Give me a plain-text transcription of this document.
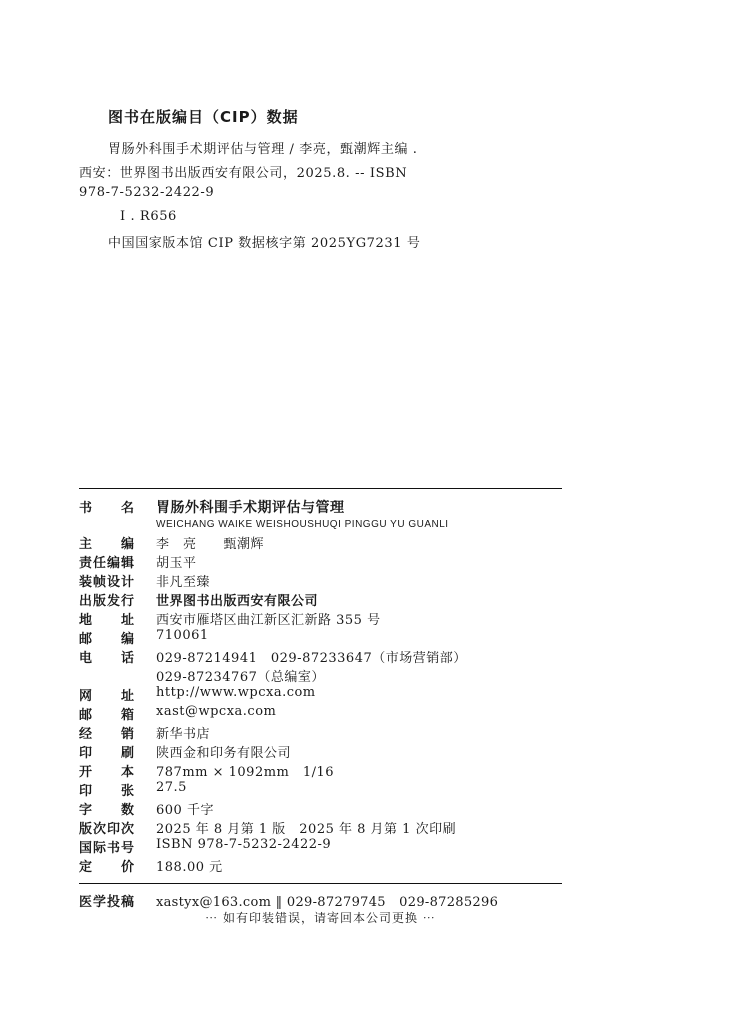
图书在版编目（CIP）数据
胃肠外科围手术期评估与管理 / 李亮，甄潮辉主编 .
西安：世界图书出版西安有限公司，2025.8. -- ISBN
978-7-5232-2422-9
Ⅰ . R656
中国国家版本馆 CIP 数据核字第 2025YG7231 号
书　　名	胃肠外科围手术期评估与管理
WEICHANG WAIKE WEISHOUSHUQI PINGGU YU GUANLI
主　　编	李　亮　　甄潮辉
责任编辑	胡玉平
装帧设计	非凡至臻
出版发行	世界图书出版西安有限公司
地　　址	西安市雁塔区曲江新区汇新路 355 号
邮　　编	710061
电　　话	029-87214941　029-87233647（市场营销部）
029-87234767（总编室）
网　　址	http://www.wpcxa.com
邮　　箱	xast@wpcxa.com
经　　销	新华书店
印　　刷	陕西金和印务有限公司
开　　本	787mm × 1092mm　1/16
印　　张	27.5
字　　数	600 千字
版次印次	2025 年 8 月第 1 版　2025 年 8 月第 1 次印刷
国际书号	ISBN 978-7-5232-2422-9
定　　价	188.00 元
医学投稿 xastyx@163.com ‖ 029-87279745　029-87285296
⋯ 如有印装错误，请寄回本公司更换 ⋯
